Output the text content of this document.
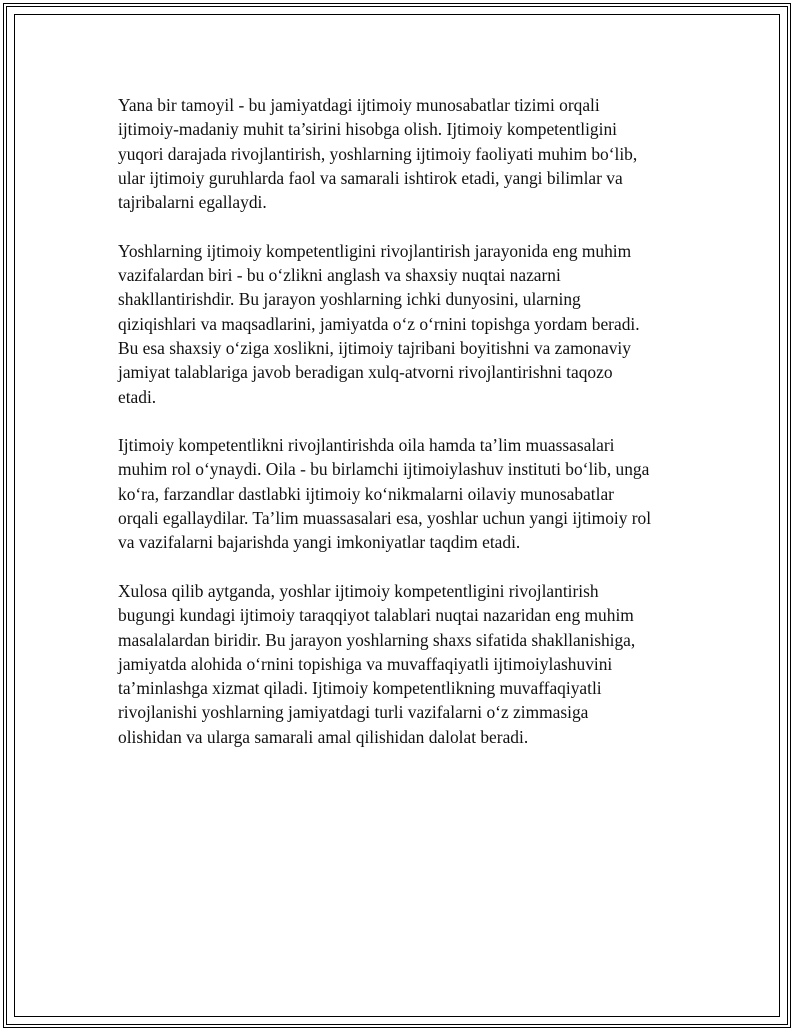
Yana bir tamoyil - bu jamiyatdagi ijtimoiy munosabatlar tizimi orqali
ijtimoiy-madaniy muhit ta’sirini hisobga olish. Ijtimoiy kompetentligini
yuqori darajada rivojlantirish, yoshlarning ijtimoiy faoliyati muhim bo‘lib,
ular ijtimoiy guruhlarda faol va samarali ishtirok etadi, yangi bilimlar va
tajribalarni egallaydi.

Yoshlarning ijtimoiy kompetentligini rivojlantirish jarayonida eng muhim
vazifalardan biri - bu o‘zlikni anglash va shaxsiy nuqtai nazarni
shakllantirishdir. Bu jarayon yoshlarning ichki dunyosini, ularning
qiziqishlari va maqsadlarini, jamiyatda o‘z o‘rnini topishga yordam beradi.
Bu esa shaxsiy o‘ziga xoslikni, ijtimoiy tajribani boyitishni va zamonaviy
jamiyat talablariga javob beradigan xulq-atvorni rivojlantirishni taqozo
etadi.

Ijtimoiy kompetentlikni rivojlantirishda oila hamda ta’lim muassasalari
muhim rol o‘ynaydi. Oila - bu birlamchi ijtimoiylashuv instituti bo‘lib, unga
ko‘ra, farzandlar dastlabki ijtimoiy ko‘nikmalarni oilaviy munosabatlar
orqali egallaydilar. Ta’lim muassasalari esa, yoshlar uchun yangi ijtimoiy rol
va vazifalarni bajarishda yangi imkoniyatlar taqdim etadi.

Xulosa qilib aytganda, yoshlar ijtimoiy kompetentligini rivojlantirish
bugungi kundagi ijtimoiy taraqqiyot talablari nuqtai nazaridan eng muhim
masalalardan biridir. Bu jarayon yoshlarning shaxs sifatida shakllanishiga,
jamiyatda alohida o‘rnini topishiga va muvaffaqiyatli ijtimoiylashuvini
ta’minlashga xizmat qiladi. Ijtimoiy kompetentlikning muvaffaqiyatli
rivojlanishi yoshlarning jamiyatdagi turli vazifalarni o‘z zimmasiga
olishidan va ularga samarali amal qilishidan dalolat beradi.
